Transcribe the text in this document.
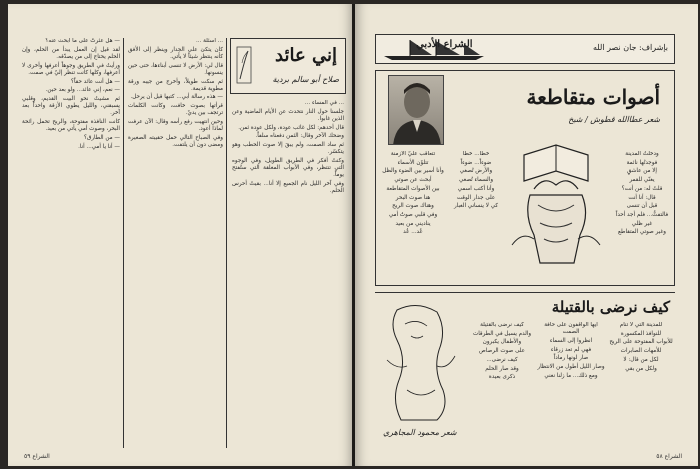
إني عائد
صلاح أبو سالم بردية

— هل عثرتُ على ما أبحث عنه؟

لقد قيل إن العمل يبدأ من الحلم، وإن الحلم يحتاج إلى من يصدّقه.

ورأيتُ في الطريق وجوهاً أعرفها وأخرى لا أعرفها، وكلها كانت تنظر إليّ في صمت.

— هل أنت عائد حقاً؟

— نعم، إني عائد... ولو بعد حين.

ثم مشيتُ نحو البيت القديم، وقلبي يسبقني، والليل يطوي الأزقة واحداً بعد آخر.

كانت النافذة مفتوحة، والريح تحمل رائحة البحر، وصوت أمي يأتي من بعيد.

— من الطارق؟

— أنا يا أمي... أنا.

... أسئلة ...

كان يتكئ على الجدار وينظر إلى الأفق كأنه ينتظر شيئاً لا يأتي.

قال لي: الأرض لا تنسى أبناءها، حتى حين ينسونها.

ثم سكت طويلاً، وأخرج من جيبه ورقة مطوية قديمة.

— هذه رسالة أبي... كتبها قبل أن يرحل.

قرأتها بصوت خافت، وكانت الكلمات ترتجف بين يديّ.

وحين انتهيت رفع رأسه وقال: الآن عرفت لماذا أعود.

وفي الصباح التالي حمل حقيبته الصغيرة ومضى دون أن يلتفت.

... في المساء ...

جلسنا حول النار نتحدث عن الأيام الماضية وعن الذين غابوا.

قال أحدهم: لكل غائب عودة، ولكل عودة ثمن.

وضحك الآخر وقال: الثمن دفعناه سلفاً.

ثم ساد الصمت، ولم يبقَ إلا صوت الحطب وهو يتكسّر.

وكنتُ أفكر في الطريق الطويل، وفي الوجوه التي تنتظر، وفي الأبواب المغلقة التي ستُفتح يوماً.

وفي آخر الليل نام الجميع إلا أنا... بقيتُ أحرس الحلم.

الشراع ٥٩
الشراع الأدبي	بإشراف: جان نصر الله
أصوات متقاطعة
شعر عطاالله قطوش / شيخ

تتعاقب عليّ الأزمنة

تتلوّن الأسماء

وأنا أسير بين الضوء والظل

أبحث عن صوتي

بين الأصوات المتقاطعة

هنا صوت البحر

وهناك صوت الريح

وفي قلبي صوتُ أمي

يناديني من بعيد

عُد... عُد

خطاً... خطاً

ضوءاً... ضوءاً

والأرض تُصغي

والسماء تُصغي

وأنا أكتب اسمي

على جدار الوقت

كي لا ينساني الغبار

ودخلتُ المدينة

فوجدتُها نائمة

إلا من عاشقٍ

يغنّي للقمر

قلتُ له: من أنت؟

قال: أنا أنت

قبل أن تنسى

فالتفتُّ... فلم أجد أحداً

غير ظلي

وغير صوتي المتقاطع

كيف نرضى بالقتيلة

كيف نرضى بالقتيلة

والدم يسيل في الطرقات

والأطفال يكبرون

على صوت الرصاص

كيف نرضى...

وقد صار الحلم

ذكرى بعيدة

أيها الواقفون على حافة الصمت

انظروا إلى السماء

فهي لم تعد زرقاء

صار لونها رماداً

وصار الليل أطول من الانتظار

ومع ذلك... ما زلنا نغني

للمدينة التي لا تنام

للنوافذ المكسورة

للأبواب المفتوحة على الريح

للأمهات الصابرات

لكل من قال: لا

ولكل من بقي

شعر محمود المجاهري
الشراع ٥٨
